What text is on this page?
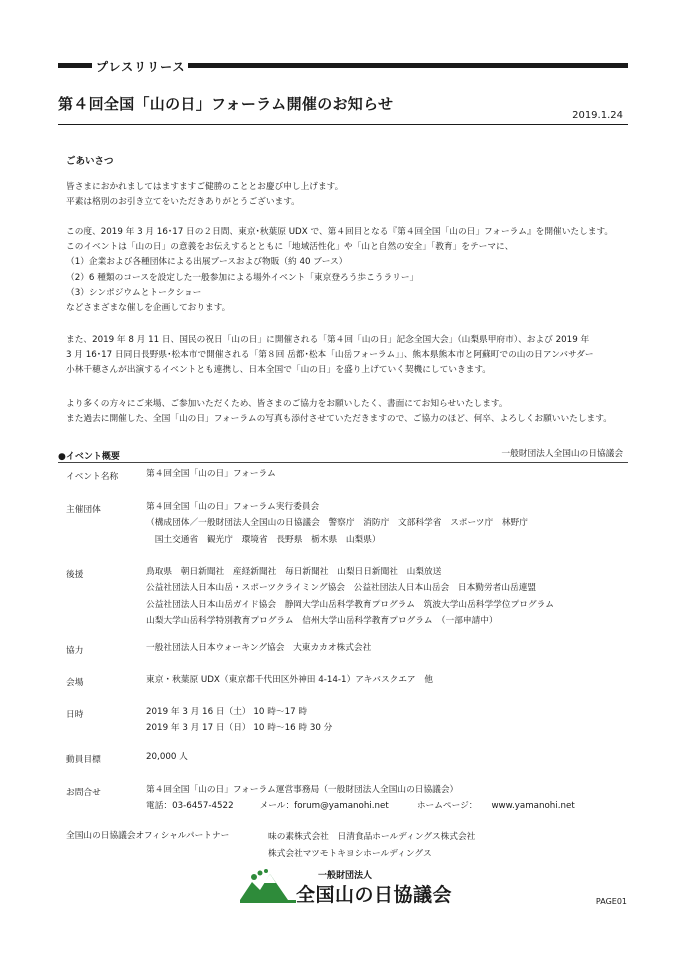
プレスリリース
第４回全国「山の日」フォーラム開催のお知らせ
2019.1.24
ごあいさつ
皆さまにおかれましてはますますご健勝のこととお慶び申し上げます。
平素は格別のお引き立てをいただきありがとうございます。
この度、2019 年 3 月 16･17 日の２日間、東京･秋葉原 UDX で、第４回目となる『第４回全国「山の日」フォーラム』を開催いたします。
このイベントは「山の日」の意義をお伝えするとともに「地域活性化」や「山と自然の安全」「教育」をテーマに、
（1）企業および各種団体による出展ブースおよび物販（約 40 ブース）
（2）6 種類のコースを設定した一般参加による場外イベント「東京登ろう歩こうラリー」
（3）シンポジウムとトークショー
などさまざまな催しを企画しております。
また、2019 年 8 月 11 日、国民の祝日「山の日」に開催される「第４回「山の日」記念全国大会」（山梨県甲府市）、および 2019 年
3 月 16･17 日同日長野県･松本市で開催される「第８回 岳都･松本「山岳フォーラム」」、熊本県熊本市と阿蘇町での山の日アンバサダー
小林千穂さんが出演するイベントとも連携し、日本全国で「山の日」を盛り上げていく契機にしていきます。
より多くの方々にご来場、ご参加いただくため、皆さまのご協力をお願いしたく、書面にてお知らせいたします。
また過去に開催した、全国「山の日」フォーラムの写真も添付させていただきますので、ご協力のほど、何卒、よろしくお願いいたします。
●イベント概要	一般財団法人全国山の日協議会
イベント名称	第４回全国「山の日」フォーラム
主催団体	第４回全国「山の日」フォーラム実行委員会
（構成団体／一般財団法人全国山の日協議会　警察庁　消防庁　文部科学省　スポーツ庁　林野庁
　国土交通省　観光庁　環境省　長野県　栃木県　山梨県）
後援	鳥取県　朝日新聞社　産経新聞社　毎日新聞社　山梨日日新聞社　山梨放送
公益社団法人日本山岳・スポーツクライミング協会　公益社団法人日本山岳会　日本勤労者山岳連盟
公益社団法人日本山岳ガイド協会　静岡大学山岳科学教育プログラム　筑波大学山岳科学学位プログラム
山梨大学山岳科学特別教育プログラム　信州大学山岳科学教育プログラム　（一部申請中）
協力	一般社団法人日本ウォーキング協会　大東カカオ株式会社
会場	東京・秋葉原 UDX（東京都千代田区外神田 4-14-1）アキバスクエア　他
日時	2019 年 3 月 16 日（土） 10 時～17 時
2019 年 3 月 17 日（日） 10 時～16 時 30 分
動員目標	20,000 人
お問合せ	第４回全国「山の日」フォーラム運営事務局（一般財団法人全国山の日協議会）
電話：03-6457-4522	メール：forum@yamanohi.net	ホームページ： www.yamanohi.net
全国山の日協議会オフィシャルパートナー	味の素株式会社　日清食品ホールディングス株式会社
株式会社マツモトキヨシホールディングス
一般財団法人
全国山の日協議会	PAGE01
